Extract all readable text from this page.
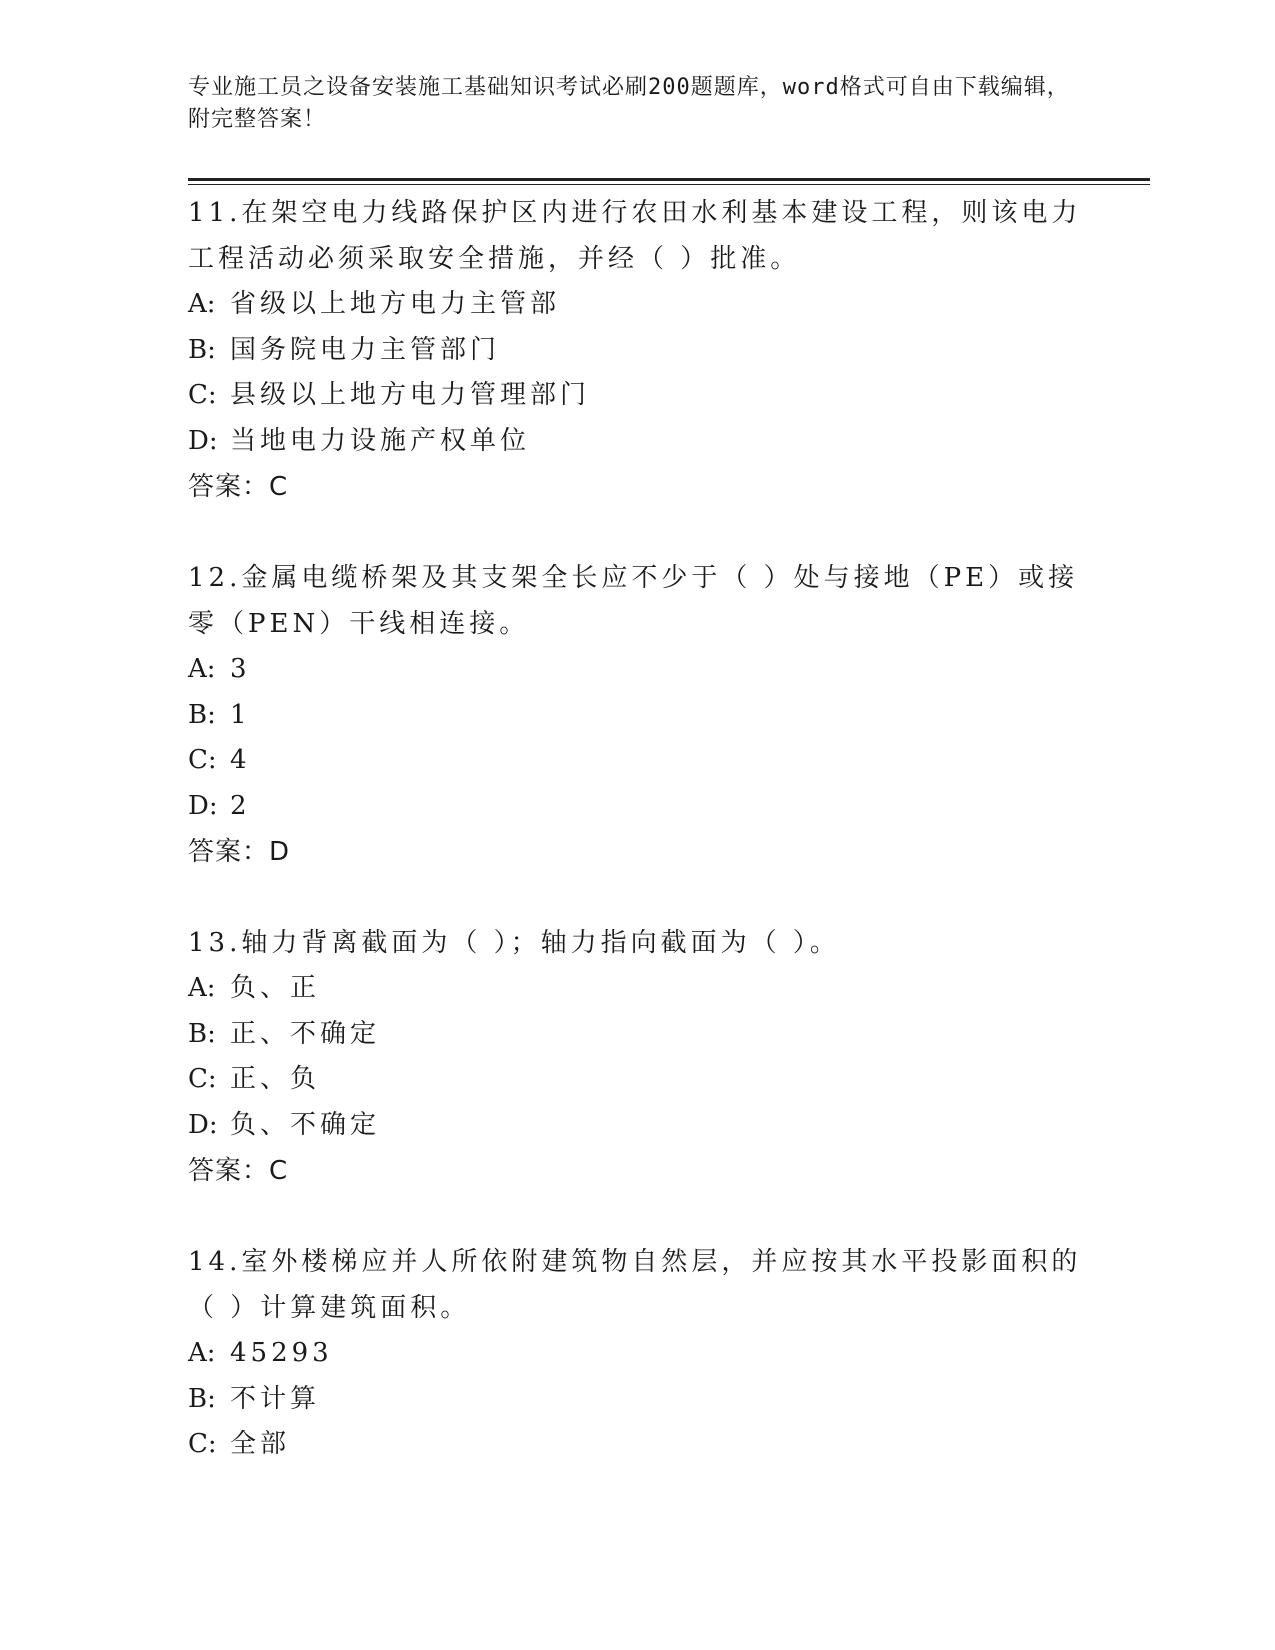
专业施工员之设备安装施工基础知识考试必刷200题题库，word格式可自由下载编辑，附完整答案！

11.在架空电力线路保护区内进行农田水利基本建设工程，则该电力工程活动必须采取安全措施，并经（ ）批准。

A: 省级以上地方电力主管部

B: 国务院电力主管部门

C: 县级以上地方电力管理部门

D: 当地电力设施产权单位

答案：C

12.金属电缆桥架及其支架全长应不少于（ ）处与接地（PE）或接零（PEN）干线相连接。

A: 3

B: 1

C: 4

D: 2

答案：D

13.轴力背离截面为（ ）；轴力指向截面为（ ）。

A: 负、正

B: 正、不确定

C: 正、负

D: 负、不确定

答案：C

14.室外楼梯应并人所依附建筑物自然层，并应按其水平投影面积的（ ）计算建筑面积。

A: 45293

B: 不计算

C: 全部
